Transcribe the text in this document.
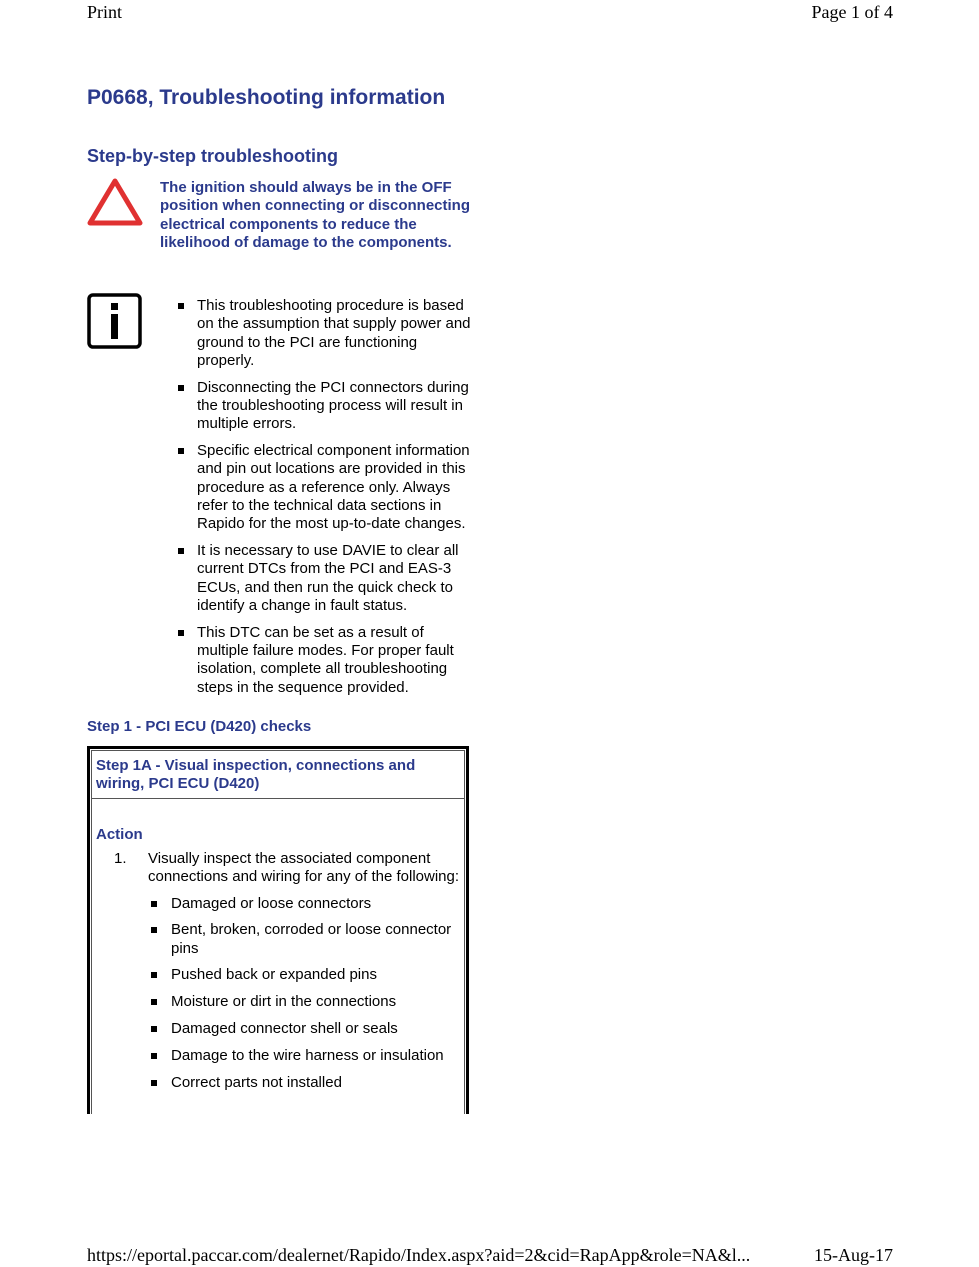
Print	Page 1 of 4
P0668, Troubleshooting information
Step-by-step troubleshooting

The ignition should always be in the OFF position when connecting or disconnecting electrical components to reduce the likelihood of damage to the components.

This troubleshooting procedure is based on the assumption that supply power and ground to the PCI are functioning properly.
Disconnecting the PCI connectors during the troubleshooting process will result in multiple errors.
Specific electrical component information and pin out locations are provided in this procedure as a reference only. Always refer to the technical data sections in Rapido for the most up-to-date changes.
It is necessary to use DAVIE to clear all current DTCs from the PCI and EAS-3 ECUs, and then run the quick check to identify a change in fault status.
This DTC can be set as a result of multiple failure modes. For proper fault isolation, complete all troubleshooting steps in the sequence provided.
Step 1 - PCI ECU (D420) checks
Step 1A - Visual inspection, connections and wiring, PCI ECU (D420)
Action
1. Visually inspect the associated component connections and wiring for any of the following:
Damaged or loose connectors
Bent, broken, corroded or loose connector pins
Pushed back or expanded pins
Moisture or dirt in the connections
Damaged connector shell or seals
Damage to the wire harness or insulation
Correct parts not installed
https://eportal.paccar.com/dealernet/Rapido/Index.aspx?aid=2&cid=RapApp&role=NA&l...	15-Aug-17
